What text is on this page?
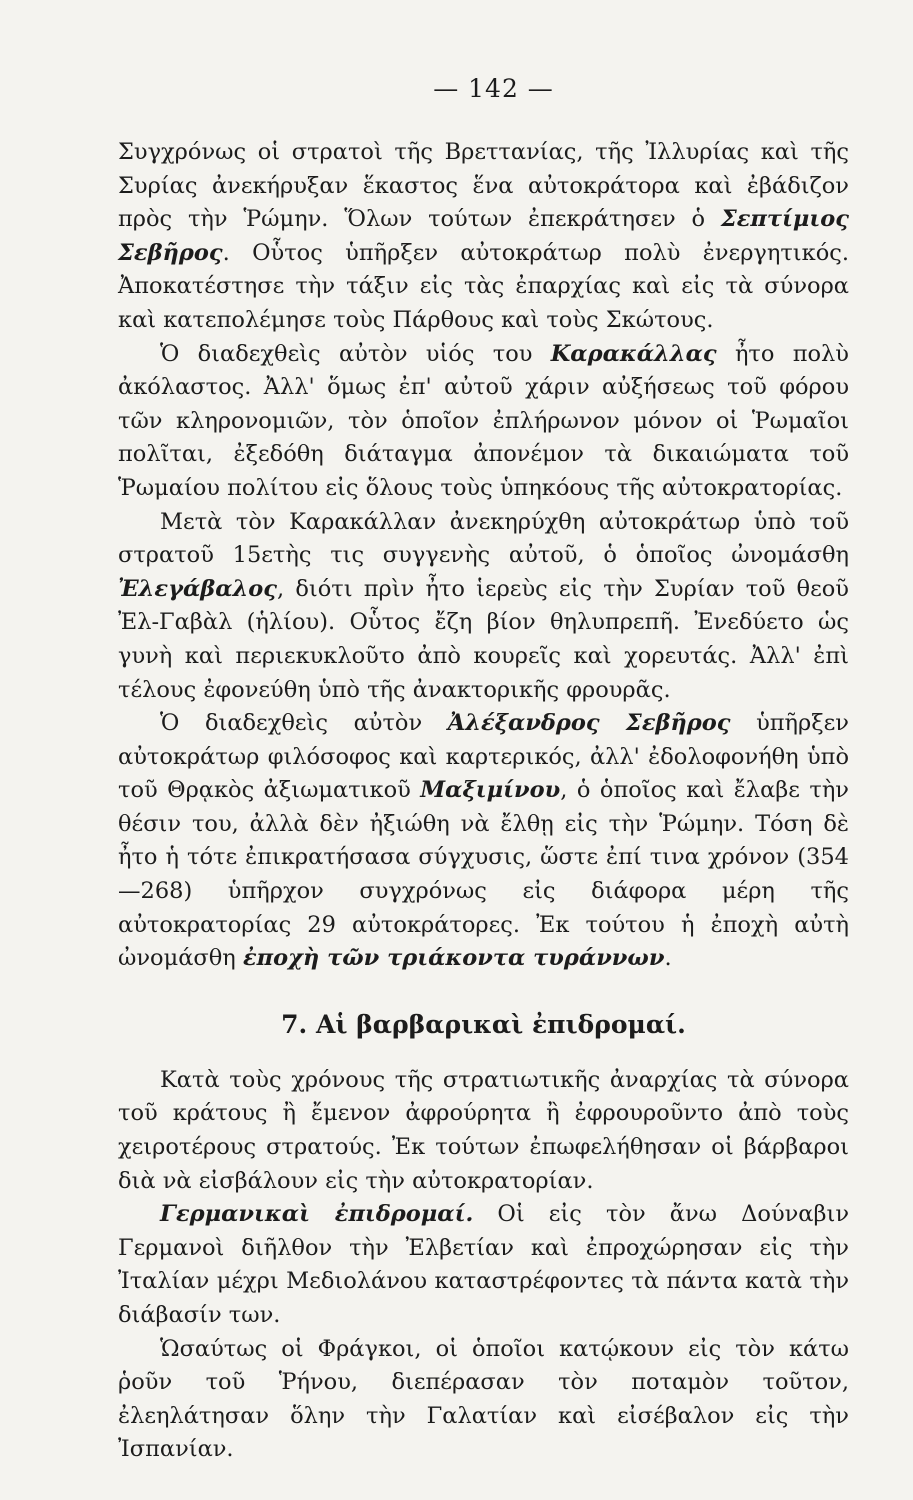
— 142 —

Συγχρόνως οἱ στρατοὶ τῆς Βρεττανίας, τῆς Ἰλλυρίας καὶ τῆς Συρίας ἀνεκήρυξαν ἕκαστος ἕνα αὐτοκράτορα καὶ ἐβάδιζον πρὸς τὴν Ῥώμην. Ὅλων τούτων ἐπεκράτησεν ὁ Σεπτίμιος Σεβῆρος. Οὗτος ὑπῆρξεν αὐτοκράτωρ πολὺ ἐνεργητικός. Ἀποκατέστησε τὴν τάξιν εἰς τὰς ἐπαρχίας καὶ εἰς τὰ σύνορα καὶ κατεπολέμησε τοὺς Πάρθους καὶ τοὺς Σκώτους.

Ὁ διαδεχθεὶς αὐτὸν υἱός του Καρακάλλας ἦτο πολὺ ἀκόλαστος. Ἀλλ' ὅμως ἐπ' αὐτοῦ χάριν αὐξήσεως τοῦ φόρου τῶν κληρονομιῶν, τὸν ὁποῖον ἐπλήρωνον μόνον οἱ Ῥωμαῖοι πολῖται, ἐξεδόθη διάταγμα ἀπονέμον τὰ δικαιώματα τοῦ Ῥωμαίου πολίτου εἰς ὅλους τοὺς ὑπηκόους τῆς αὐτοκρατορίας.

Μετὰ τὸν Καρακάλλαν ἀνεκηρύχθη αὐτοκράτωρ ὑπὸ τοῦ στρατοῦ 15ετὴς τις συγγενὴς αὐτοῦ, ὁ ὁποῖος ὠνομάσθη Ἐλεγάβαλος, διότι πρὶν ἦτο ἱερεὺς εἰς τὴν Συρίαν τοῦ θεοῦ Ἐλ-Γαβὰλ (ἡλίου). Οὗτος ἔζη βίον θηλυπρεπῆ. Ἐνεδύετο ὡς γυνὴ καὶ περιεκυκλοῦτο ἀπὸ κουρεῖς καὶ χορευτάς. Ἀλλ' ἐπὶ τέλους ἐφονεύθη ὑπὸ τῆς ἀνακτορικῆς φρουρᾶς.

Ὁ διαδεχθεὶς αὐτὸν Ἀλέξανδρος Σεβῆρος ὑπῆρξεν αὐτοκράτωρ φιλόσοφος καὶ καρτερικός, ἀλλ' ἐδολοφονήθη ὑπὸ τοῦ Θρᾳκὸς ἀξιωματικοῦ Μαξιμίνου, ὁ ὁποῖος καὶ ἔλαβε τὴν θέσιν του, ἀλλὰ δὲν ἠξιώθη νὰ ἔλθῃ εἰς τὴν Ῥώμην. Τόση δὲ ἦτο ἡ τότε ἐπικρατήσασα σύγχυσις, ὥστε ἐπί τινα χρόνον (354—268) ὑπῆρχον συγχρόνως εἰς διάφορα μέρη τῆς αὐτοκρατορίας 29 αὐτοκράτορες. Ἐκ τούτου ἡ ἐποχὴ αὐτὴ ὠνομάσθη ἐποχὴ τῶν τριάκοντα τυράννων.

7. Αἱ βαρβαρικαὶ ἐπιδρομαί.

Κατὰ τοὺς χρόνους τῆς στρατιωτικῆς ἀναρχίας τὰ σύνορα τοῦ κράτους ἢ ἔμενον ἀφρούρητα ἢ ἐφρουροῦντο ἀπὸ τοὺς χειροτέρους στρατούς. Ἐκ τούτων ἐπωφελήθησαν οἱ βάρβαροι διὰ νὰ εἰσβάλουν εἰς τὴν αὐτοκρατορίαν.

Γερμανικαὶ ἐπιδρομαί. Οἱ εἰς τὸν ἄνω Δούναβιν Γερμανοὶ διῆλθον τὴν Ἐλβετίαν καὶ ἐπροχώρησαν εἰς τὴν Ἰταλίαν μέχρι Μεδιολάνου καταστρέφοντες τὰ πάντα κατὰ τὴν διάβασίν των.

Ὡσαύτως οἱ Φράγκοι, οἱ ὁποῖοι κατῴκουν εἰς τὸν κάτω ῥοῦν τοῦ Ῥήνου, διεπέρασαν τὸν ποταμὸν τοῦτον, ἐλεηλάτησαν ὅλην τὴν Γαλατίαν καὶ εἰσέβαλον εἰς τὴν Ἰσπανίαν.
